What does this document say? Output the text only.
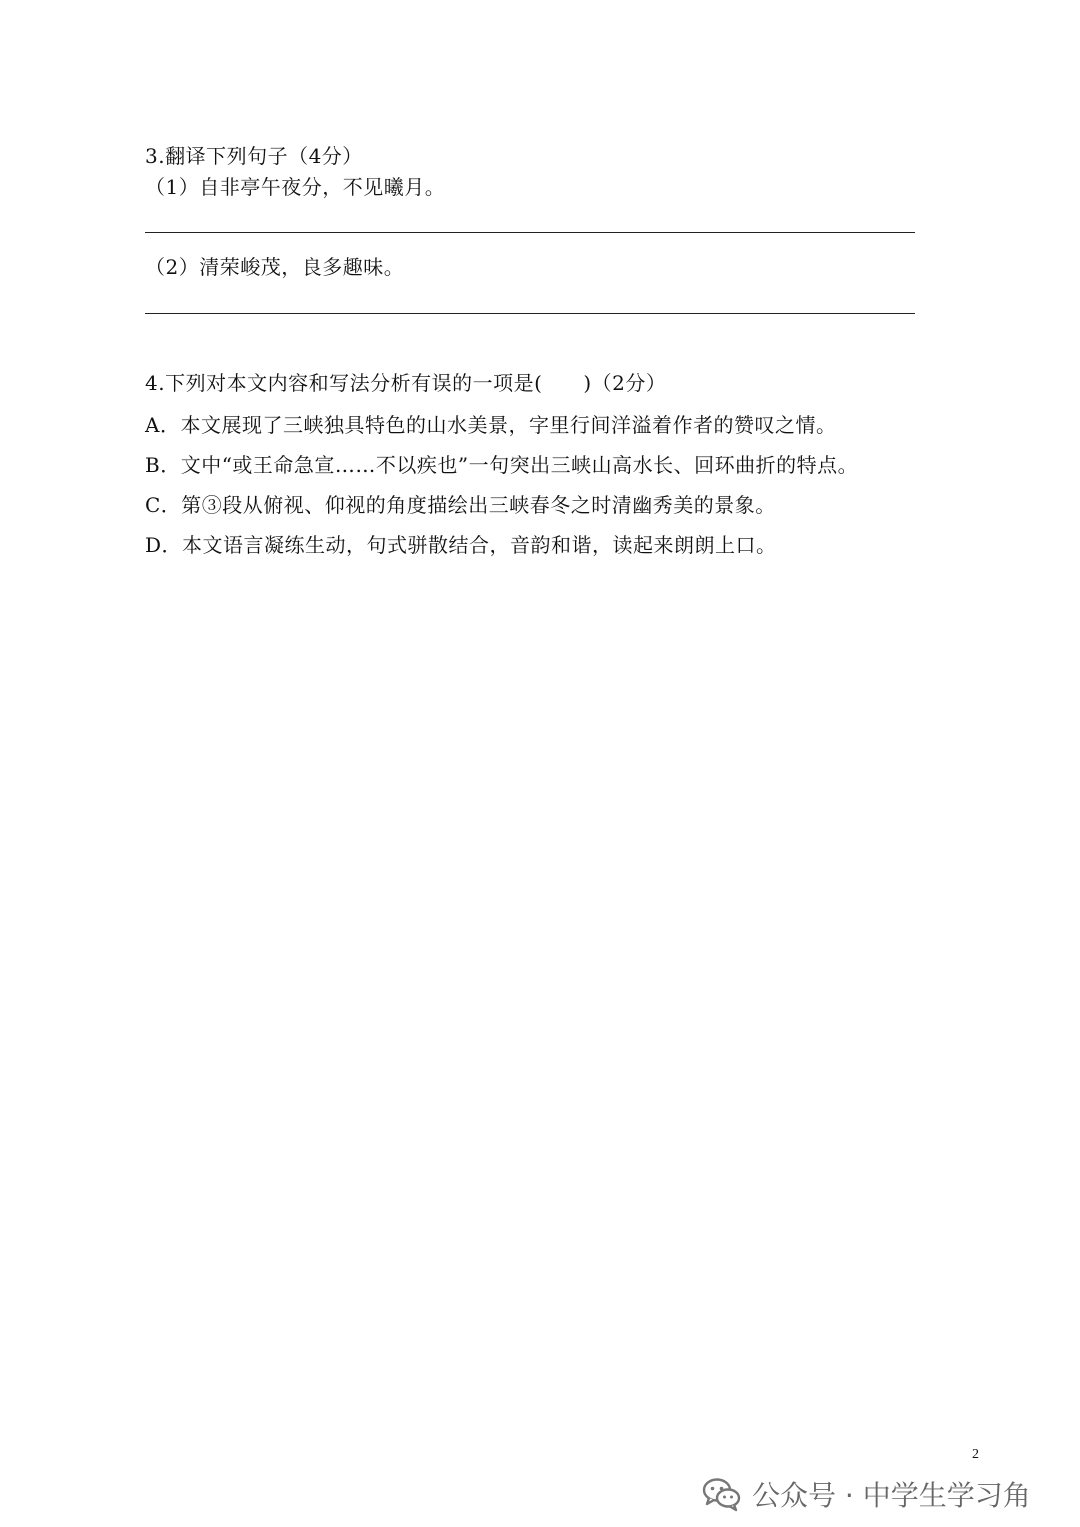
3.翻译下列句子（4分）
（1）自非亭午夜分，不见曦月。
（2）清荣峻茂，良多趣味。
4.下列对本文内容和写法分析有误的一项是(　　)（2分）
A．本文展现了三峡独具特色的山水美景，字里行间洋溢着作者的赞叹之情。
B．文中“或王命急宣……不以疾也”一句突出三峡山高水长、回环曲折的特点。
C．第③段从俯视、仰视的角度描绘出三峡春冬之时清幽秀美的景象。
D．本文语言凝练生动，句式骈散结合，音韵和谐，读起来朗朗上口。
2
公众号 · 中学生学习角
